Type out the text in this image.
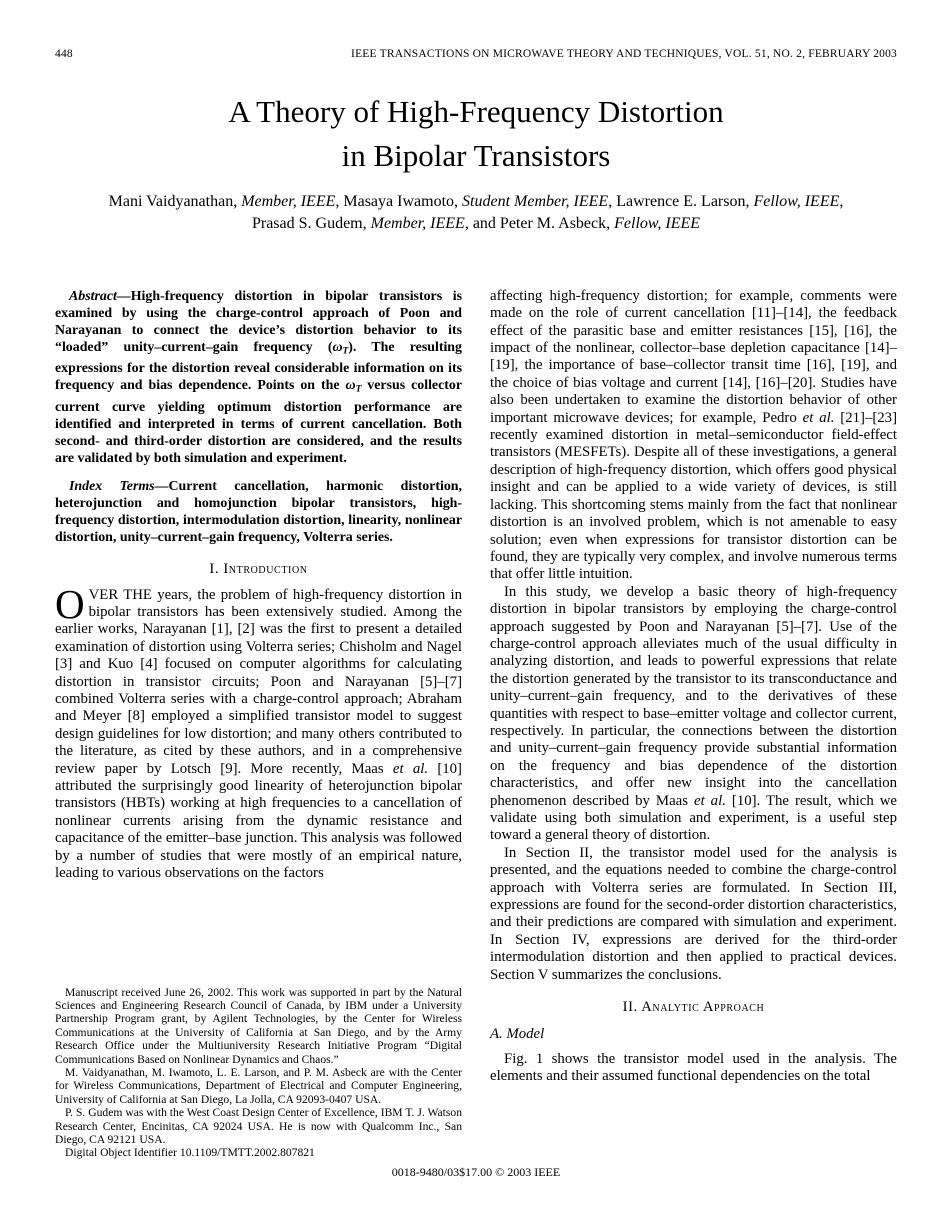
448	IEEE TRANSACTIONS ON MICROWAVE THEORY AND TECHNIQUES, VOL. 51, NO. 2, FEBRUARY 2003
A Theory of High-Frequency Distortion
in Bipolar Transistors
Mani Vaidyanathan, Member, IEEE, Masaya Iwamoto, Student Member, IEEE, Lawrence E. Larson, Fellow, IEEE,
Prasad S. Gudem, Member, IEEE, and Peter M. Asbeck, Fellow, IEEE

Abstract—High-frequency distortion in bipolar transistors is examined by using the charge-control approach of Poon and Narayanan to connect the device’s distortion behavior to its “loaded” unity–current–gain frequency (ωT). The resulting expressions for the distortion reveal considerable information on its frequency and bias dependence. Points on the ωT versus collector current curve yielding optimum distortion performance are identified and interpreted in terms of current cancellation. Both second- and third-order distortion are considered, and the results are validated by both simulation and experiment.

Index Terms—Current cancellation, harmonic distortion, heterojunction and homojunction bipolar transistors, high-frequency distortion, intermodulation distortion, linearity, nonlinear distortion, unity–current–gain frequency, Volterra series.

I. Introduction

OVER THE years, the problem of high-frequency distortion in bipolar transistors has been extensively studied. Among the earlier works, Narayanan [1], [2] was the first to present a detailed examination of distortion using Volterra series; Chisholm and Nagel [3] and Kuo [4] focused on computer algorithms for calculating distortion in transistor circuits; Poon and Narayanan [5]–[7] combined Volterra series with a charge-control approach; Abraham and Meyer [8] employed a simplified transistor model to suggest design guidelines for low distortion; and many others contributed to the literature, as cited by these authors, and in a comprehensive review paper by Lotsch [9]. More recently, Maas et al. [10] attributed the surprisingly good linearity of heterojunction bipolar transistors (HBTs) working at high frequencies to a cancellation of nonlinear currents arising from the dynamic resistance and capacitance of the emitter–base junction. This analysis was followed by a number of studies that were mostly of an empirical nature, leading to various observations on the factors

Manuscript received June 26, 2002. This work was supported in part by the Natural Sciences and Engineering Research Council of Canada, by IBM under a University Partnership Program grant, by Agilent Technologies, by the Center for Wireless Communications at the University of California at San Diego, and by the Army Research Office under the Multiuniversity Research Initiative Program “Digital Communications Based on Nonlinear Dynamics and Chaos.”

M. Vaidyanathan, M. Iwamoto, L. E. Larson, and P. M. Asbeck are with the Center for Wireless Communications, Department of Electrical and Computer Engineering, University of California at San Diego, La Jolla, CA 92093-0407 USA.

P. S. Gudem was with the West Coast Design Center of Excellence, IBM T. J. Watson Research Center, Encinitas, CA 92024 USA. He is now with Qualcomm Inc., San Diego, CA 92121 USA.

Digital Object Identifier 10.1109/TMTT.2002.807821

affecting high-frequency distortion; for example, comments were made on the role of current cancellation [11]–[14], the feedback effect of the parasitic base and emitter resistances [15], [16], the impact of the nonlinear, collector–base depletion capacitance [14]–[19], the importance of base–collector transit time [16], [19], and the choice of bias voltage and current [14], [16]–[20]. Studies have also been undertaken to examine the distortion behavior of other important microwave devices; for example, Pedro et al. [21]–[23] recently examined distortion in metal–semiconductor field-effect transistors (MESFETs). Despite all of these investigations, a general description of high-frequency distortion, which offers good physical insight and can be applied to a wide variety of devices, is still lacking. This shortcoming stems mainly from the fact that nonlinear distortion is an involved problem, which is not amenable to easy solution; even when expressions for transistor distortion can be found, they are typically very complex, and involve numerous terms that offer little intuition.

In this study, we develop a basic theory of high-frequency distortion in bipolar transistors by employing the charge-control approach suggested by Poon and Narayanan [5]–[7]. Use of the charge-control approach alleviates much of the usual difficulty in analyzing distortion, and leads to powerful expressions that relate the distortion generated by the transistor to its transconductance and unity–current–gain frequency, and to the derivatives of these quantities with respect to base–emitter voltage and collector current, respectively. In particular, the connections between the distortion and unity–current–gain frequency provide substantial information on the frequency and bias dependence of the distortion characteristics, and offer new insight into the cancellation phenomenon described by Maas et al. [10]. The result, which we validate using both simulation and experiment, is a useful step toward a general theory of distortion.

In Section II, the transistor model used for the analysis is presented, and the equations needed to combine the charge-control approach with Volterra series are formulated. In Section III, expressions are found for the second-order distortion characteristics, and their predictions are compared with simulation and experiment. In Section IV, expressions are derived for the third-order intermodulation distortion and then applied to practical devices. Section V summarizes the conclusions.

II. Analytic Approach
A. Model

Fig. 1 shows the transistor model used in the analysis. The elements and their assumed functional dependencies on the total

0018-9480/03$17.00 © 2003 IEEE
